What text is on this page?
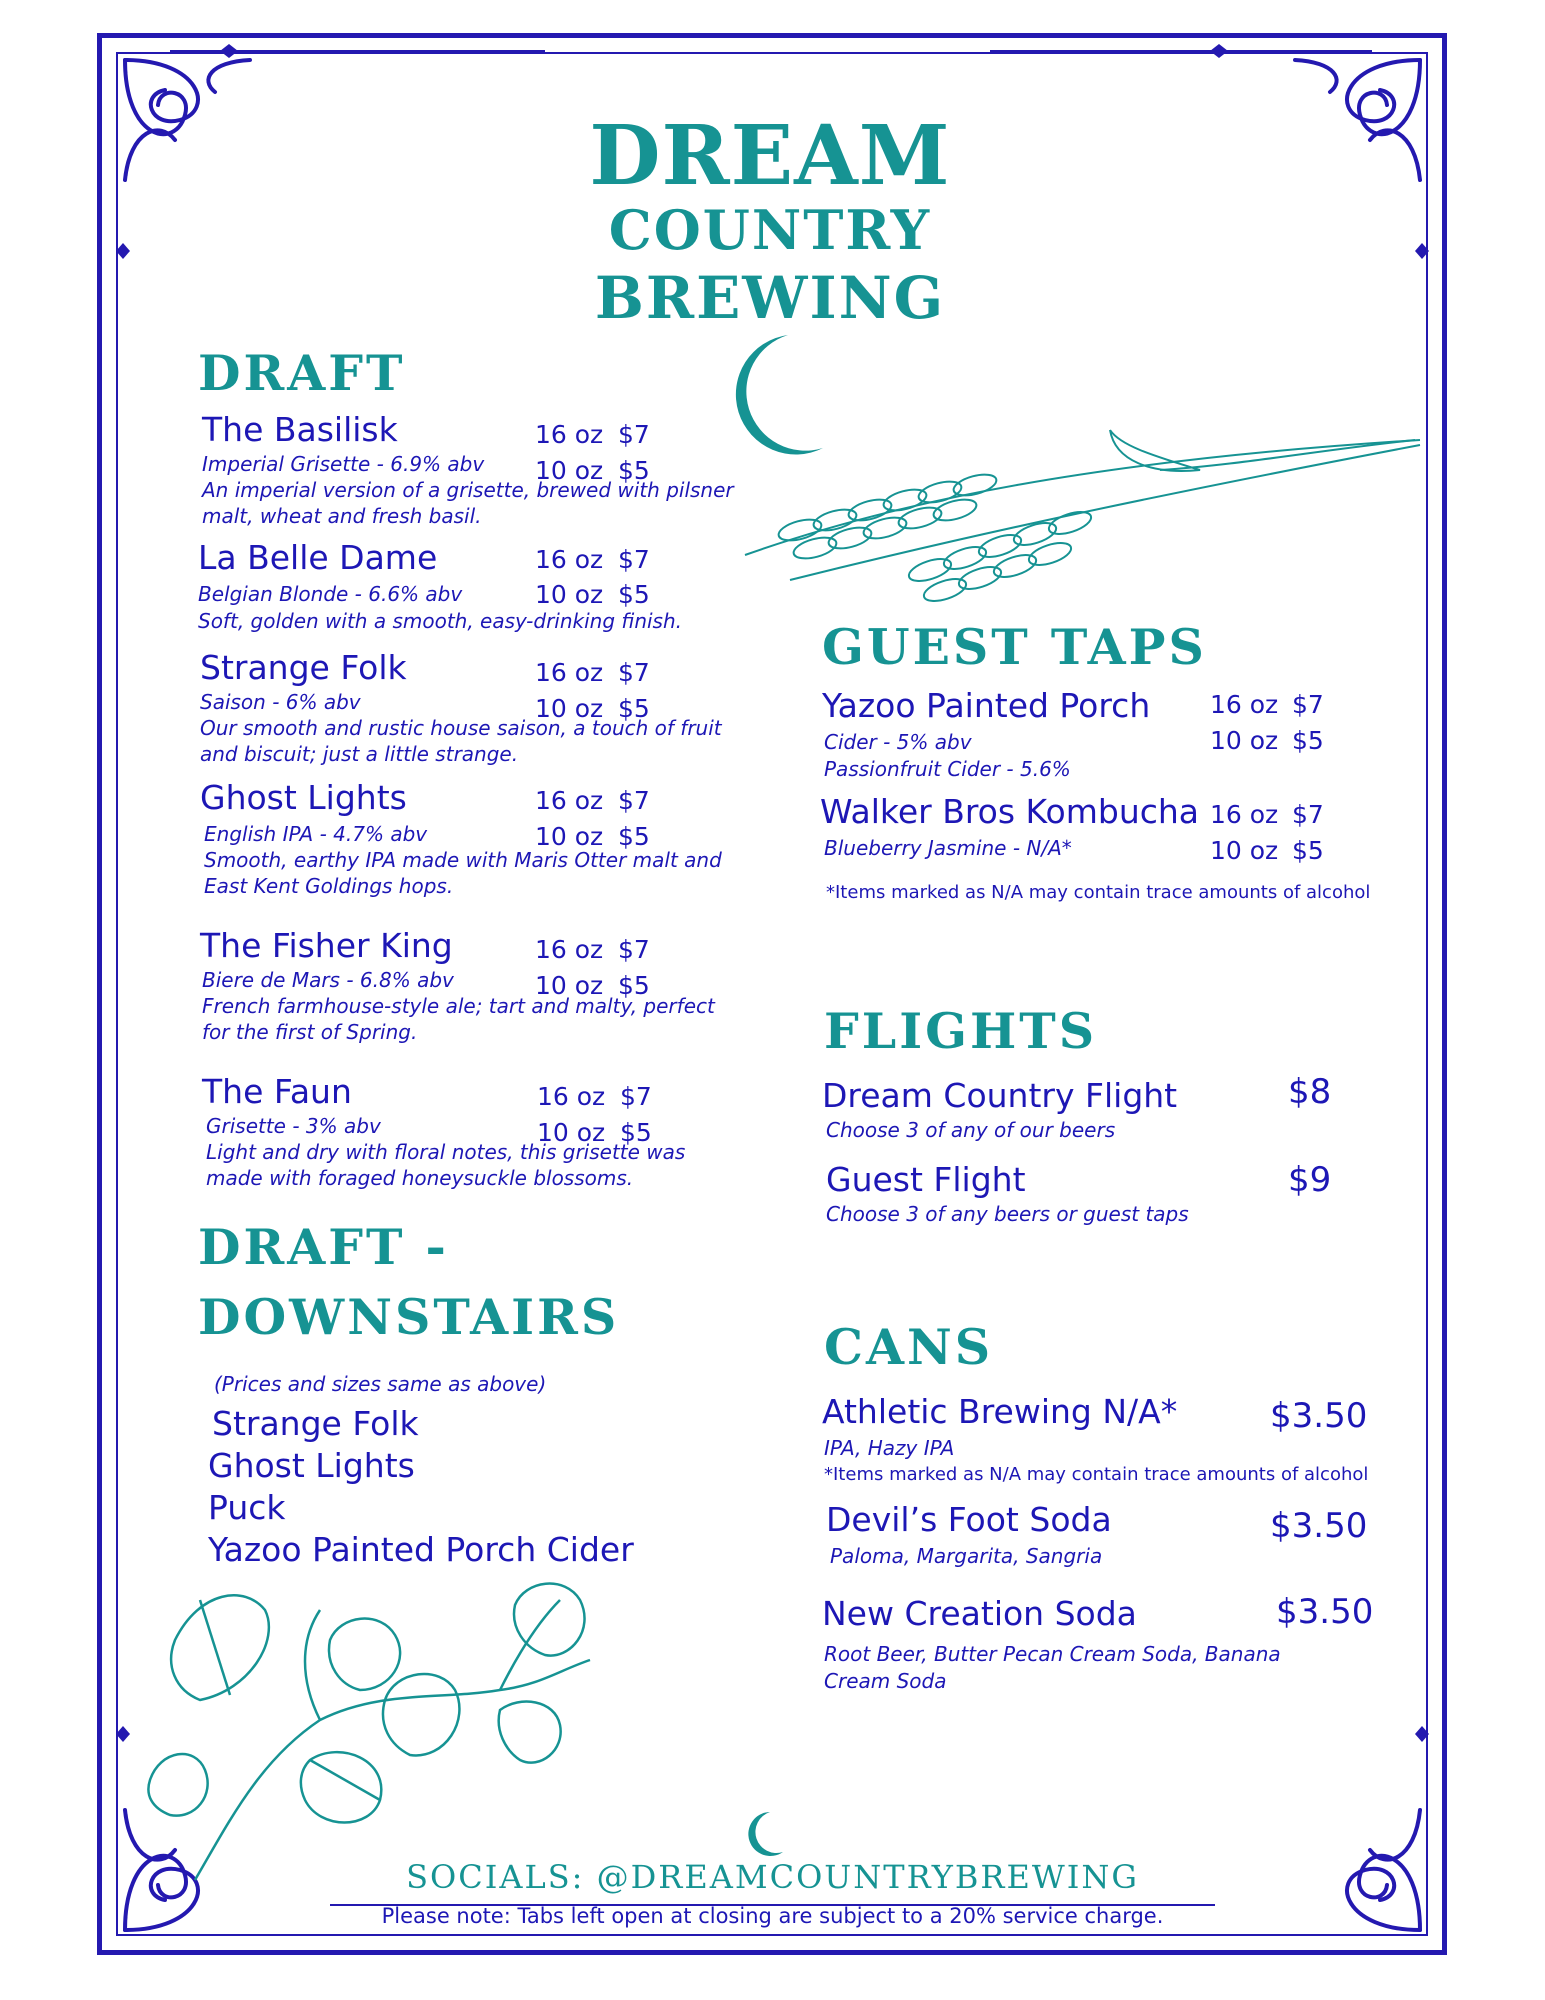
DREAM
COUNTRY
BREWING
DRAFT
The Basilisk
Imperial Grisette - 6.9% abv
An imperial version of a grisette, brewed with pilsner
malt, wheat and fresh basil.
16 oz $7
10 oz $5
La Belle Dame
Belgian Blonde - 6.6% abv
Soft, golden with a smooth, easy-drinking finish.
16 oz $7
10 oz $5
Strange Folk
Saison - 6% abv
Our smooth and rustic house saison, a touch of fruit
and biscuit; just a little strange.
16 oz $7
10 oz $5
Ghost Lights
English IPA - 4.7% abv
Smooth, earthy IPA made with Maris Otter malt and
East Kent Goldings hops.
16 oz $7
10 oz $5
The Fisher King
Biere de Mars - 6.8% abv
French farmhouse-style ale; tart and malty, perfect
for the first of Spring.
16 oz $7
10 oz $5
The Faun
Grisette - 3% abv
Light and dry with floral notes, this grisette was
made with foraged honeysuckle blossoms.
16 oz $7
10 oz $5
DRAFT -
DOWNSTAIRS
(Prices and sizes same as above)
Strange Folk
Ghost Lights
Puck
Yazoo Painted Porch Cider
GUEST TAPS
Yazoo Painted Porch
Cider - 5% abv
Passionfruit Cider - 5.6%
16 oz $7
10 oz $5
Walker Bros Kombucha
Blueberry Jasmine - N/A*
16 oz $7
10 oz $5
*Items marked as N/A may contain trace amounts of alcohol
FLIGHTS
Dream Country Flight
Choose 3 of any of our beers
$8
Guest Flight
Choose 3 of any beers or guest taps
$9
CANS
Athletic Brewing N/A*
IPA, Hazy IPA
*Items marked as N/A may contain trace amounts of alcohol
$3.50
Devil’s Foot Soda
Paloma, Margarita, Sangria
$3.50
New Creation Soda
Root Beer, Butter Pecan Cream Soda, Banana
Cream Soda
$3.50
SOCIALS: @DREAMCOUNTRYBREWING
Please note: Tabs left open at closing are subject to a 20% service charge.
